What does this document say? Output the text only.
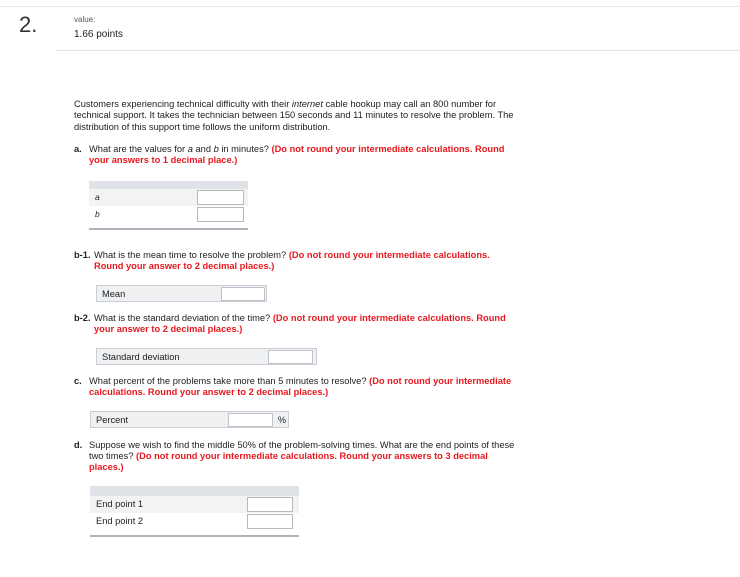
2.	value:
1.66 points
Customers experiencing technical difficulty with their internet cable hookup may call an 800 number for
technical support. It takes the technician between 150 seconds and 11 minutes to resolve the problem. The
distribution of this support time follows the uniform distribution.
a. What are the values for a and b in minutes? (Do not round your intermediate calculations. Round
your answers to 1 decimal place.)
a
b
b-1. What is the mean time to resolve the problem? (Do not round your intermediate calculations.
Round your answer to 2 decimal places.)
Mean
b-2. What is the standard deviation of the time? (Do not round your intermediate calculations. Round
your answer to 2 decimal places.)
Standard deviation
c. What percent of the problems take more than 5 minutes to resolve? (Do not round your intermediate
calculations. Round your answer to 2 decimal places.)
Percent	%
d. Suppose we wish to find the middle 50% of the problem-solving times. What are the end points of these
two times? (Do not round your intermediate calculations. Round your answers to 3 decimal
places.)
End point 1
End point 2
